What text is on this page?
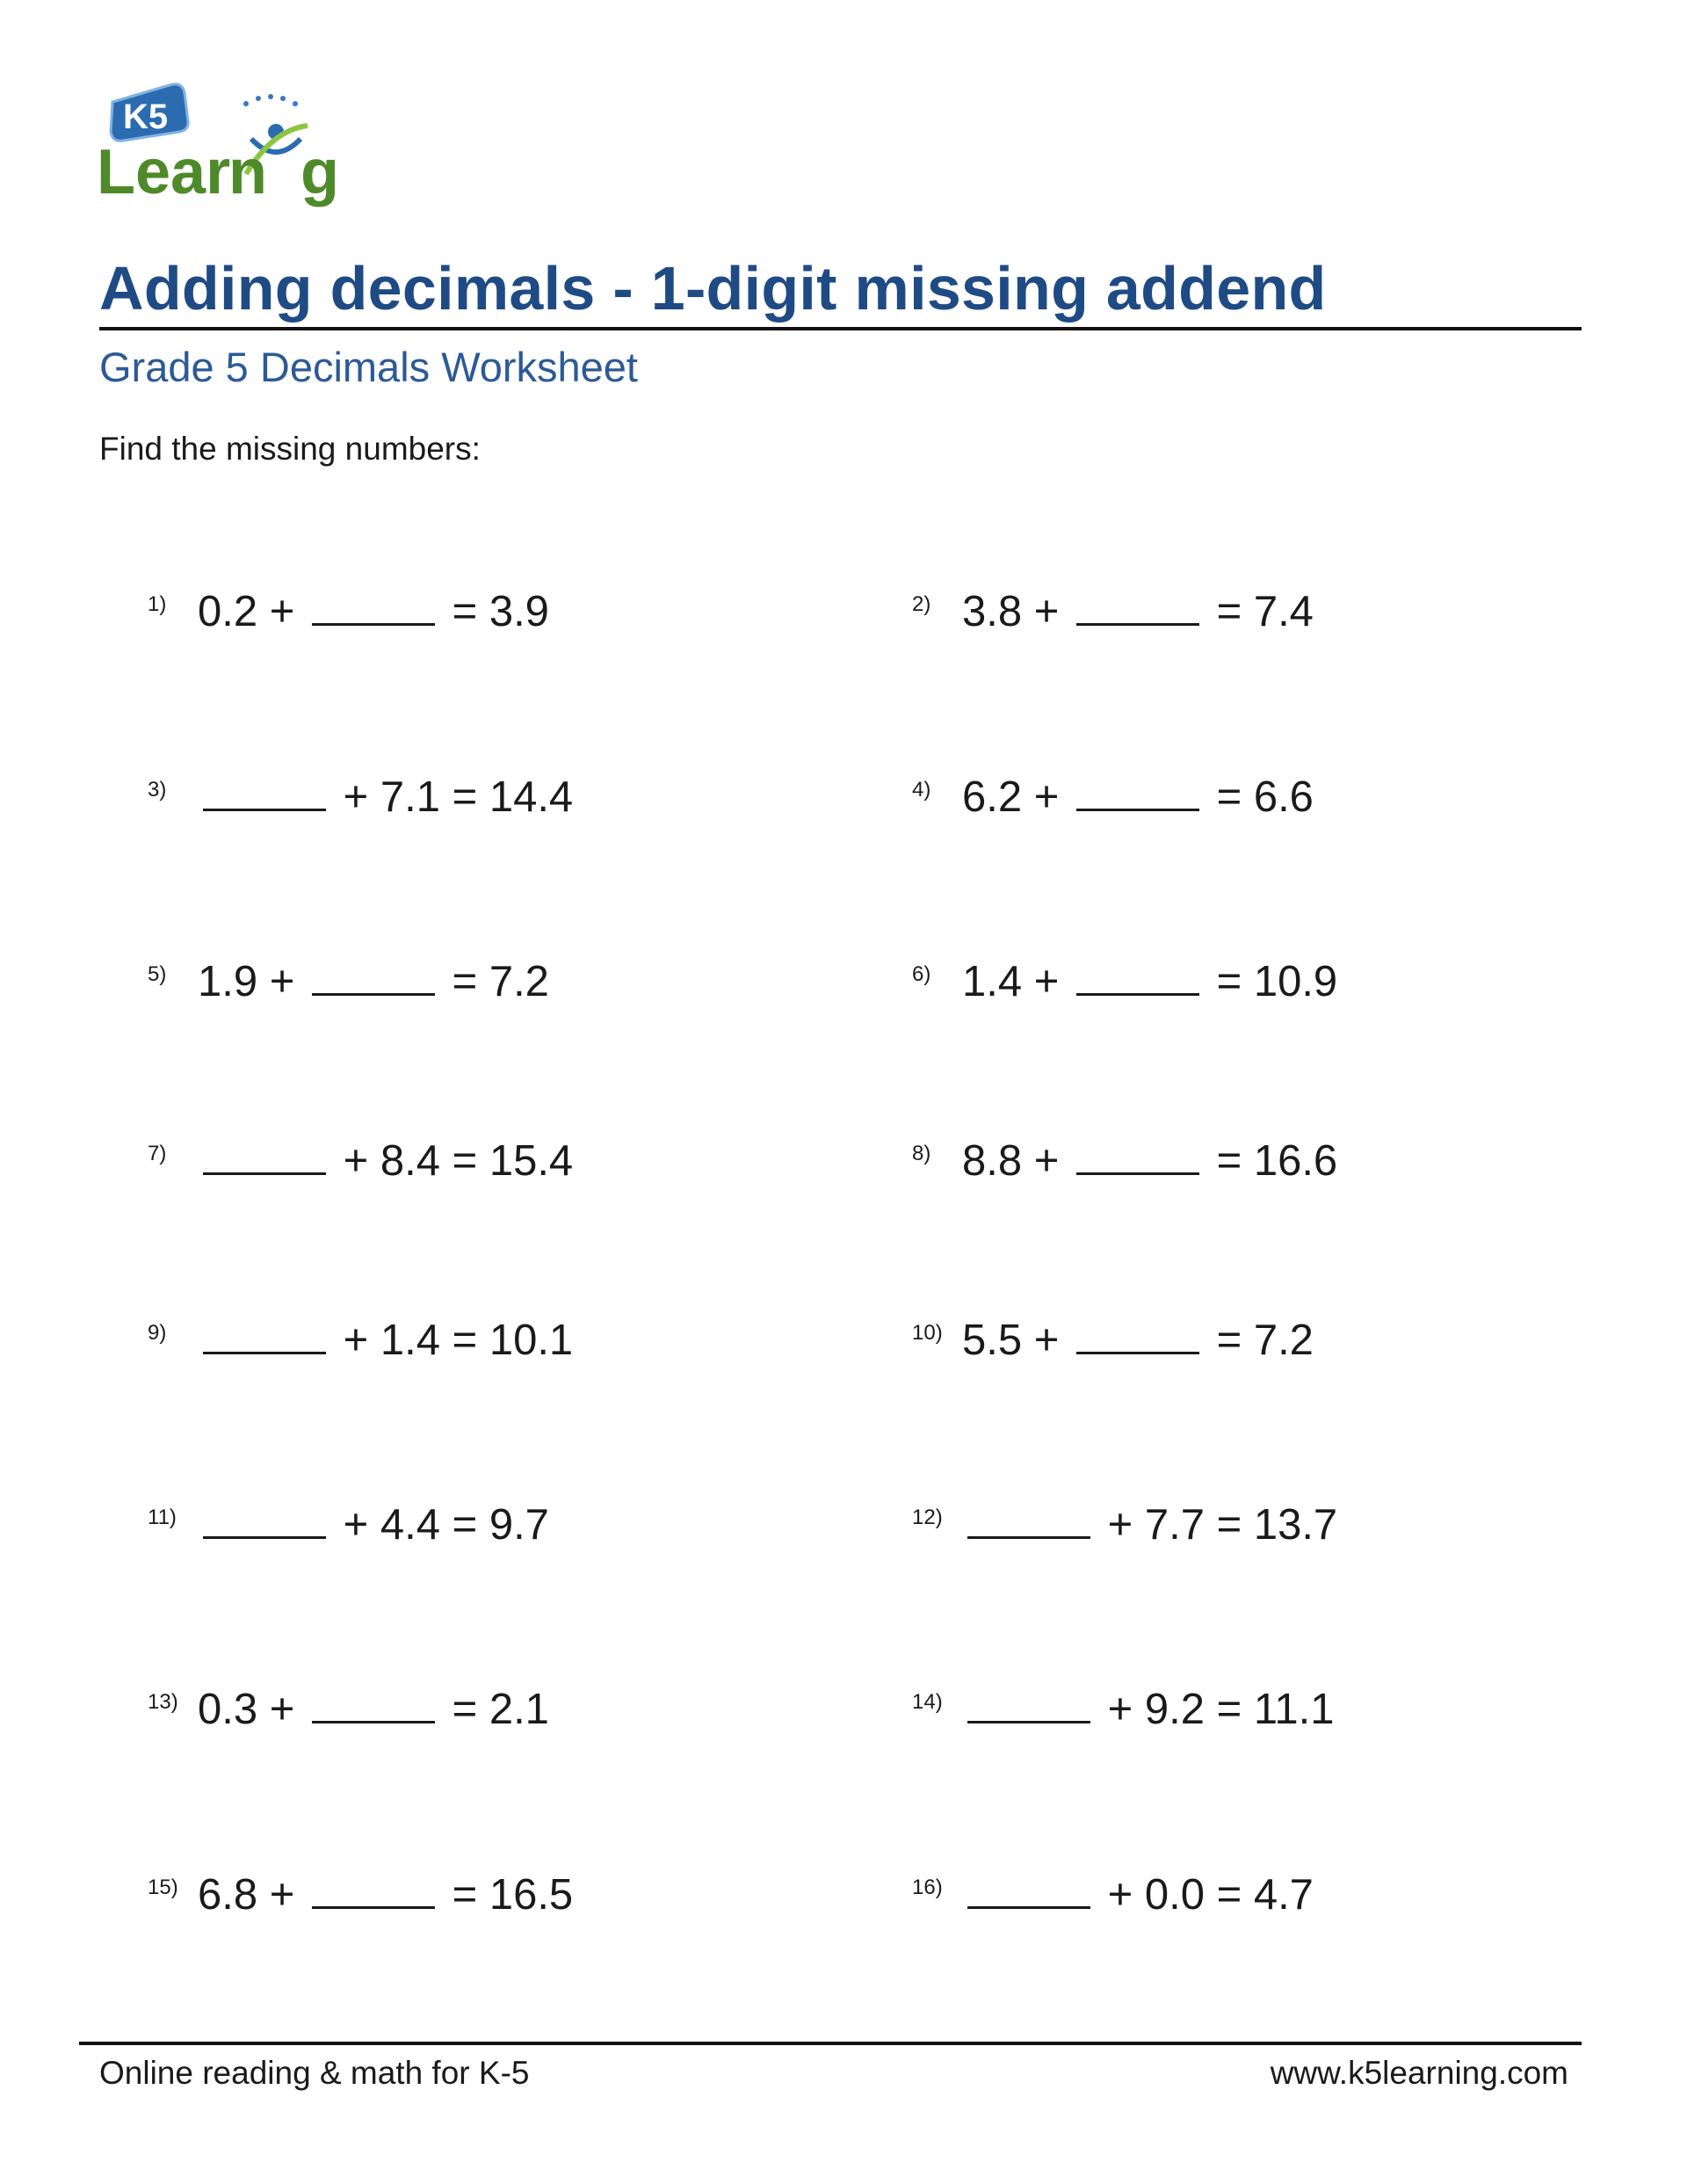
K5
Lear g
n
Adding decimals - 1-digit missing addend
Grade 5 Decimals Worksheet
Find the missing numbers:
1) 0.2 +	= 3.9	2) 3.8 +	= 7.4
3)	+ 7.1 = 14.4	4) 6.2 +	= 6.6
5) 1.9 +	= 7.2	6) 1.4 +	= 10.9
7)	+ 8.4 = 15.4	8) 8.8 +	= 16.6
9)	+ 1.4 = 10.1	10) 5.5 +	= 7.2
11)	+ 4.4 = 9.7	12)	+ 7.7 = 13.7
13) 0.3 +	= 2.1	14)	+ 9.2 = 11.1
15) 6.8 +	= 16.5	16)	+ 0.0 = 4.7
Online reading & math for K-5	www.k5learning.com
